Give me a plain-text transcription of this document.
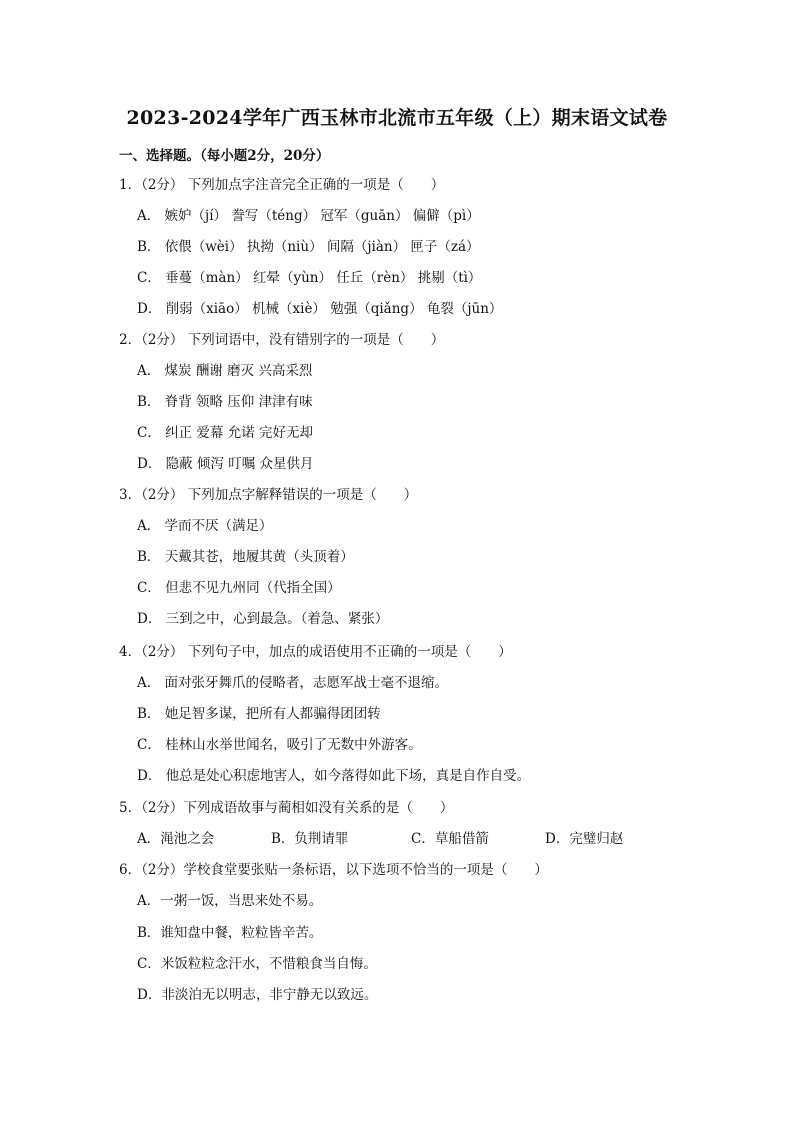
2023-2024学年广西玉林市北流市五年级（上）期末语文试卷
一、选择题。（每小题2分，20分）
1．（2分） 下列加点字注音完全正确的一项是（　　）
A． 嫉妒（jí） 誊写（téng） 冠军（guān） 偏僻（pì）
B． 依偎（wèi） 执拗（niù） 间隔（jiàn） 匣子（zá）
C． 垂蔓（màn） 红晕（yùn） 任丘（rèn） 挑剔（tì）
D． 削弱（xiāo） 机械（xiè） 勉强（qiǎng） 龟裂（jūn）
2．（2分） 下列词语中，没有错别字的一项是（　　）
A． 煤炭 酬谢 磨灭 兴高采烈
B． 脊背 领略 压仰 津津有味
C． 纠正 爱幕 允诺 完好无却
D． 隐蔽 倾泻 叮嘱 众星供月
3．（2分） 下列加点字解释错误的一项是（　　）
A． 学而不厌（满足）
B． 天戴其苍，地履其黄（头顶着）
C． 但悲不见九州同（代指全国）
D． 三到之中，心到最急。（着急、紧张）
4．（2分） 下列句子中，加点的成语使用不正确的一项是（　　）
A． 面对张牙舞爪的侵略者，志愿军战士毫不退缩。
B． 她足智多谋，把所有人都骗得团团转
C． 桂林山水举世闻名，吸引了无数中外游客。
D． 他总是处心积虑地害人，如今落得如此下场，真是自作自受。
5．（2分）下列成语故事与蔺相如没有关系的是（　　）
A．渑池之会	B．负荆请罪	C．草船借箭	D．完璧归赵
6．（2分）学校食堂要张贴一条标语，以下选项不恰当的一项是（　　）
A．一粥一饭，当思来处不易。
B．谁知盘中餐，粒粒皆辛苦。
C．米饭粒粒念汗水，不惜粮食当自悔。
D．非淡泊无以明志，非宁静无以致远。
